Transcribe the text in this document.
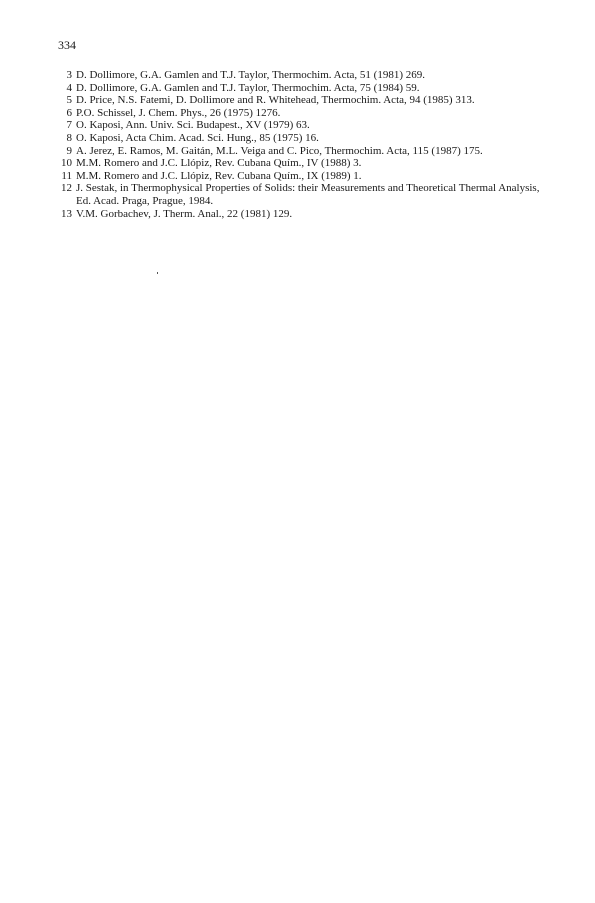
334
3 D. Dollimore, G.A. Gamlen and T.J. Taylor, Thermochim. Acta, 51 (1981) 269.
4 D. Dollimore, G.A. Gamlen and T.J. Taylor, Thermochim. Acta, 75 (1984) 59.
5 D. Price, N.S. Fatemi, D. Dollimore and R. Whitehead, Thermochim. Acta, 94 (1985) 313.
6 P.O. Schissel, J. Chem. Phys., 26 (1975) 1276.
7 O. Kaposi, Ann. Univ. Sci. Budapest., XV (1979) 63.
8 O. Kaposi, Acta Chim. Acad. Sci. Hung., 85 (1975) 16.
9 A. Jerez, E. Ramos, M. Gaitán, M.L. Veiga and C. Pico, Thermochim. Acta, 115 (1987) 175.
10 M.M. Romero and J.C. Llópiz, Rev. Cubana Quím., IV (1988) 3.
11 M.M. Romero and J.C. Llópiz, Rev. Cubana Quím., IX (1989) 1.
12 J. Sestak, in Thermophysical Properties of Solids: their Measurements and Theoretical Thermal Analysis, Ed. Acad. Praga, Prague, 1984.
13 V.M. Gorbachev, J. Therm. Anal., 22 (1981) 129.
